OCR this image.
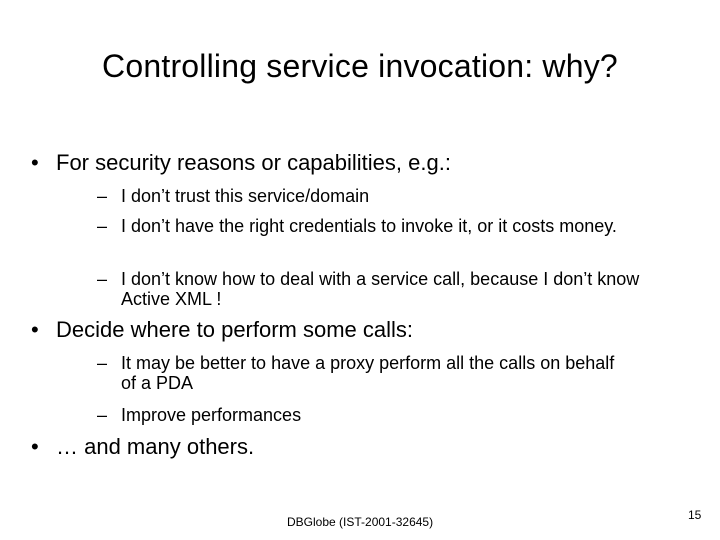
Controlling service invocation: why?
• For security reasons or capabilities, e.g.:
– I don’t trust this service/domain
– I don’t have the right credentials to invoke it, or it costs money.
– I don’t know how to deal with a service call, because I don’t know Active XML !
• Decide where to perform some calls:
– It may be better to have a proxy perform all the calls on behalf of a PDA
– Improve performances
• … and many others.
DBGlobe (IST-2001-32645)	15
